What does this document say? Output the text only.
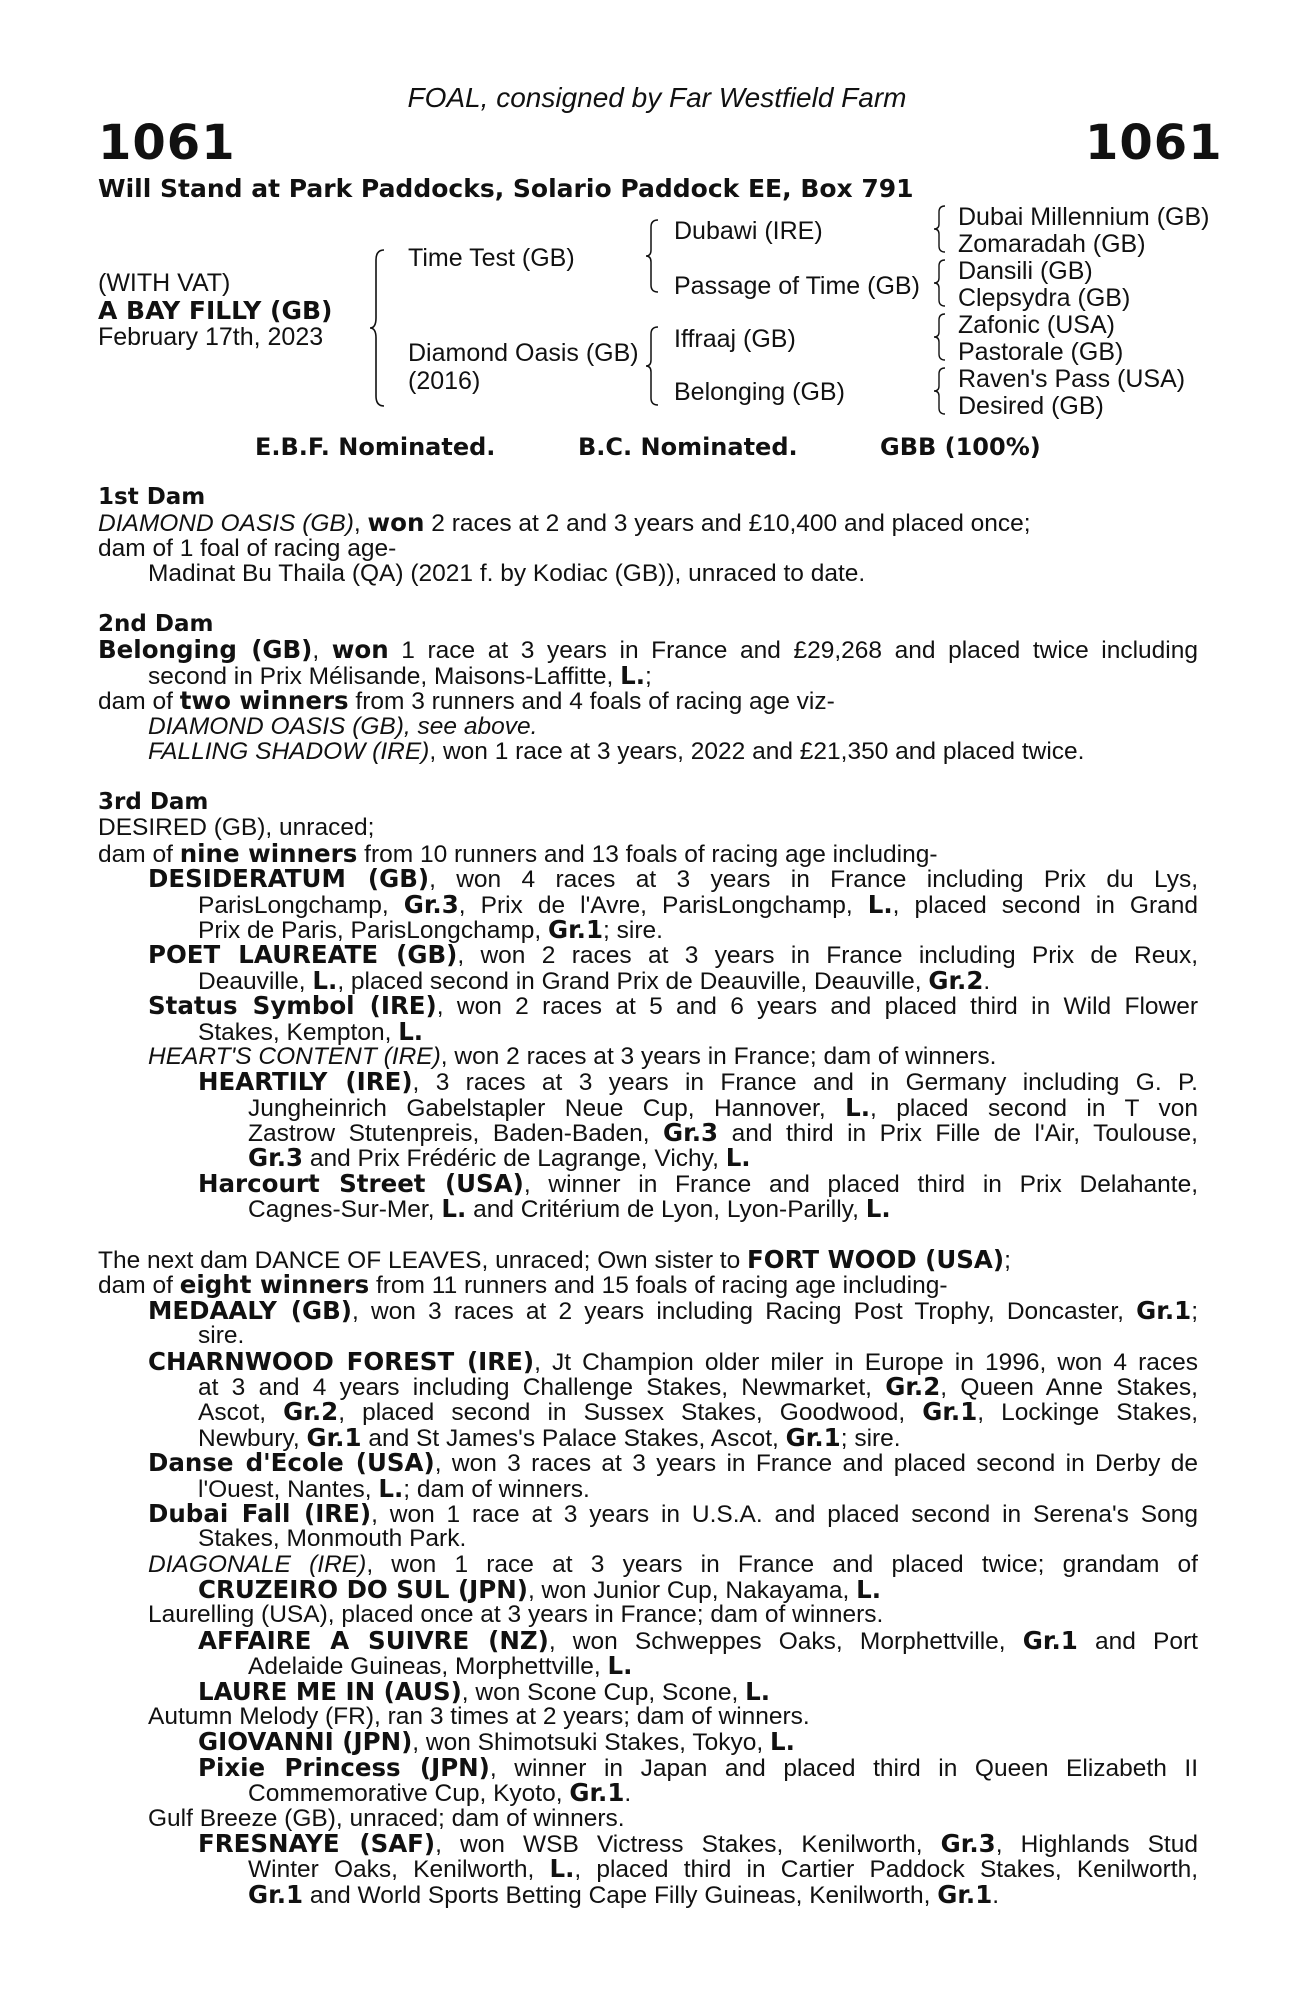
FOAL, consigned by Far Westfield Farm
1061	1061
Will Stand at Park Paddocks, Solario Paddock EE, Box 791
(WITH VAT)
A BAY FILLY (GB)
February 17th, 2023
Time Test (GB)
Diamond Oasis (GB)
(2016)
Dubawi (IRE)
Passage of Time (GB)
Iffraaj (GB)
Belonging (GB)
Dubai Millennium (GB)
Zomaradah (GB)
Dansili (GB)
Clepsydra (GB)
Zafonic (USA)
Pastorale (GB)
Raven's Pass (USA)
Desired (GB)
E.B.F. Nominated.	B.C. Nominated.	GBB (100%)
1st Dam
DIAMOND OASIS (GB), won 2 races at 2 and 3 years and £10,400 and placed once;
dam of 1 foal of racing age-
Madinat Bu Thaila (QA) (2021 f. by Kodiac (GB)), unraced to date.
2nd Dam
Belonging (GB), won 1 race at 3 years in France and £29,268 and placed twice including
second in Prix Mélisande, Maisons-Laffitte, L.;
dam of two winners from 3 runners and 4 foals of racing age viz-
DIAMOND OASIS (GB), see above.
FALLING SHADOW (IRE), won 1 race at 3 years, 2022 and £21,350 and placed twice.
3rd Dam
DESIRED (GB), unraced;
dam of nine winners from 10 runners and 13 foals of racing age including-
DESIDERATUM (GB), won 4 races at 3 years in France including Prix du Lys,
ParisLongchamp, Gr.3, Prix de l'Avre, ParisLongchamp, L., placed second in Grand
Prix de Paris, ParisLongchamp, Gr.1; sire.
POET LAUREATE (GB), won 2 races at 3 years in France including Prix de Reux,
Deauville, L., placed second in Grand Prix de Deauville, Deauville, Gr.2.
Status Symbol (IRE), won 2 races at 5 and 6 years and placed third in Wild Flower
Stakes, Kempton, L.
HEART'S CONTENT (IRE), won 2 races at 3 years in France; dam of winners.
HEARTILY (IRE), 3 races at 3 years in France and in Germany including G. P.
Jungheinrich Gabelstapler Neue Cup, Hannover, L., placed second in T von
Zastrow Stutenpreis, Baden-Baden, Gr.3 and third in Prix Fille de l'Air, Toulouse,
Gr.3 and Prix Frédéric de Lagrange, Vichy, L.
Harcourt Street (USA), winner in France and placed third in Prix Delahante,
Cagnes-Sur-Mer, L. and Critérium de Lyon, Lyon-Parilly, L.
The next dam DANCE OF LEAVES, unraced; Own sister to FORT WOOD (USA);
dam of eight winners from 11 runners and 15 foals of racing age including-
MEDAALY (GB), won 3 races at 2 years including Racing Post Trophy, Doncaster, Gr.1;
sire.
CHARNWOOD FOREST (IRE), Jt Champion older miler in Europe in 1996, won 4 races
at 3 and 4 years including Challenge Stakes, Newmarket, Gr.2, Queen Anne Stakes,
Ascot, Gr.2, placed second in Sussex Stakes, Goodwood, Gr.1, Lockinge Stakes,
Newbury, Gr.1 and St James's Palace Stakes, Ascot, Gr.1; sire.
Danse d'Ecole (USA), won 3 races at 3 years in France and placed second in Derby de
l'Ouest, Nantes, L.; dam of winners.
Dubai Fall (IRE), won 1 race at 3 years in U.S.A. and placed second in Serena's Song
Stakes, Monmouth Park.
DIAGONALE (IRE), won 1 race at 3 years in France and placed twice; grandam of
CRUZEIRO DO SUL (JPN), won Junior Cup, Nakayama, L.
Laurelling (USA), placed once at 3 years in France; dam of winners.
AFFAIRE A SUIVRE (NZ), won Schweppes Oaks, Morphettville, Gr.1 and Port
Adelaide Guineas, Morphettville, L.
LAURE ME IN (AUS), won Scone Cup, Scone, L.
Autumn Melody (FR), ran 3 times at 2 years; dam of winners.
GIOVANNI (JPN), won Shimotsuki Stakes, Tokyo, L.
Pixie Princess (JPN), winner in Japan and placed third in Queen Elizabeth II
Commemorative Cup, Kyoto, Gr.1.
Gulf Breeze (GB), unraced; dam of winners.
FRESNAYE (SAF), won WSB Victress Stakes, Kenilworth, Gr.3, Highlands Stud
Winter Oaks, Kenilworth, L., placed third in Cartier Paddock Stakes, Kenilworth,
Gr.1 and World Sports Betting Cape Filly Guineas, Kenilworth, Gr.1.
